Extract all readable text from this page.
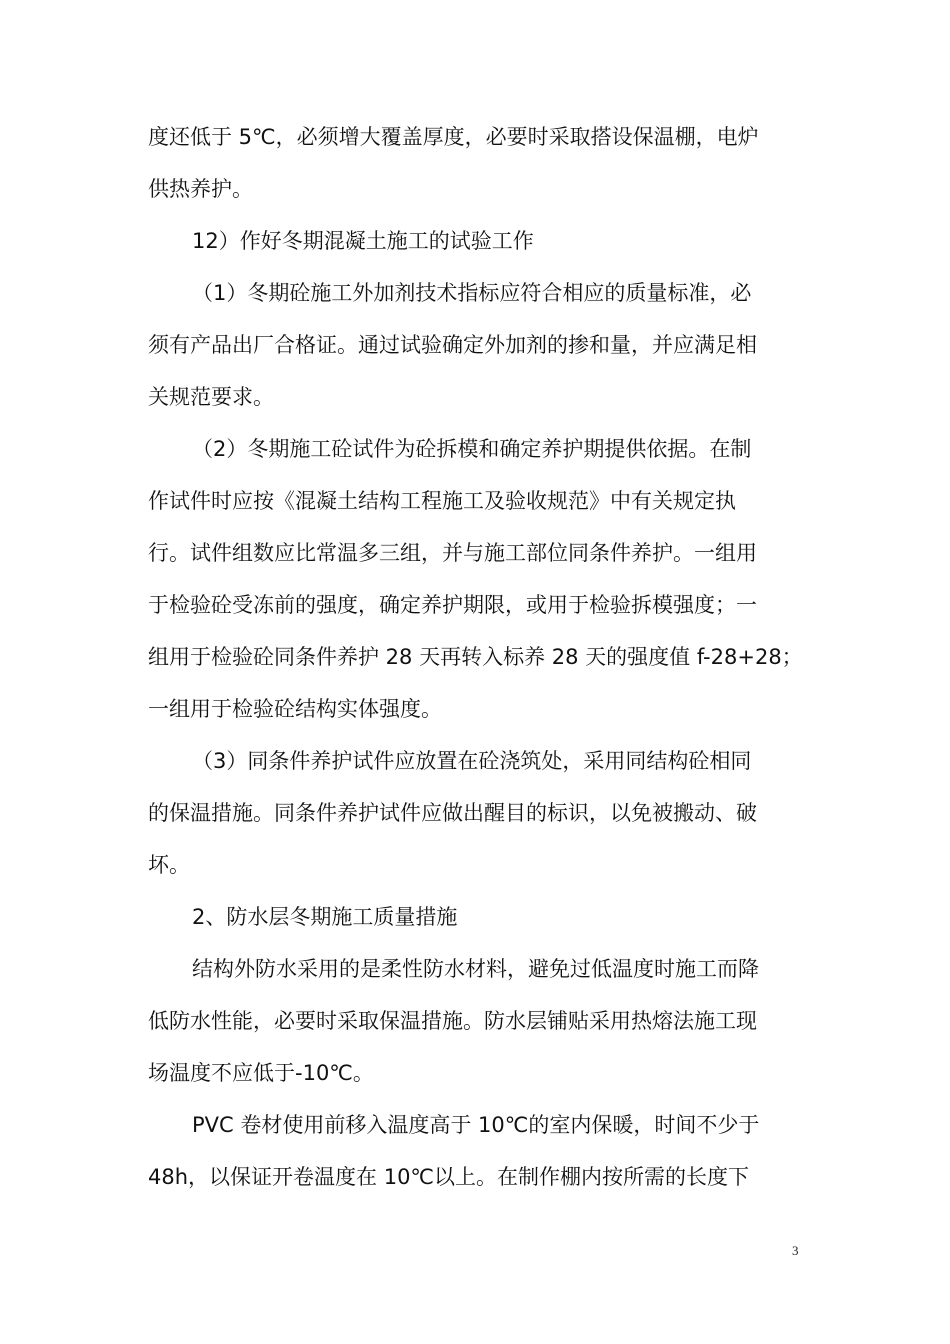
度还低于 5℃，必须增大覆盖厚度，必要时采取搭设保温棚，电炉
供热养护。
12）作好冬期混凝土施工的试验工作
（1）冬期砼施工外加剂技术指标应符合相应的质量标准，必
须有产品出厂合格证。通过试验确定外加剂的掺和量，并应满足相
关规范要求。
（2）冬期施工砼试件为砼拆模和确定养护期提供依据。在制
作试件时应按《混凝土结构工程施工及验收规范》中有关规定执
行。试件组数应比常温多三组，并与施工部位同条件养护。一组用
于检验砼受冻前的强度，确定养护期限，或用于检验拆模强度；一
组用于检验砼同条件养护 28 天再转入标养 28 天的强度值 f-28+28；
一组用于检验砼结构实体强度。
（3）同条件养护试件应放置在砼浇筑处，采用同结构砼相同
的保温措施。同条件养护试件应做出醒目的标识，以免被搬动、破
坏。
2、防水层冬期施工质量措施
结构外防水采用的是柔性防水材料，避免过低温度时施工而降
低防水性能，必要时采取保温措施。防水层铺贴采用热熔法施工现
场温度不应低于-10℃。
PVC 卷材使用前移入温度高于 10℃的室内保暖，时间不少于
48h，以保证开卷温度在 10℃以上。在制作棚内按所需的长度下
3
